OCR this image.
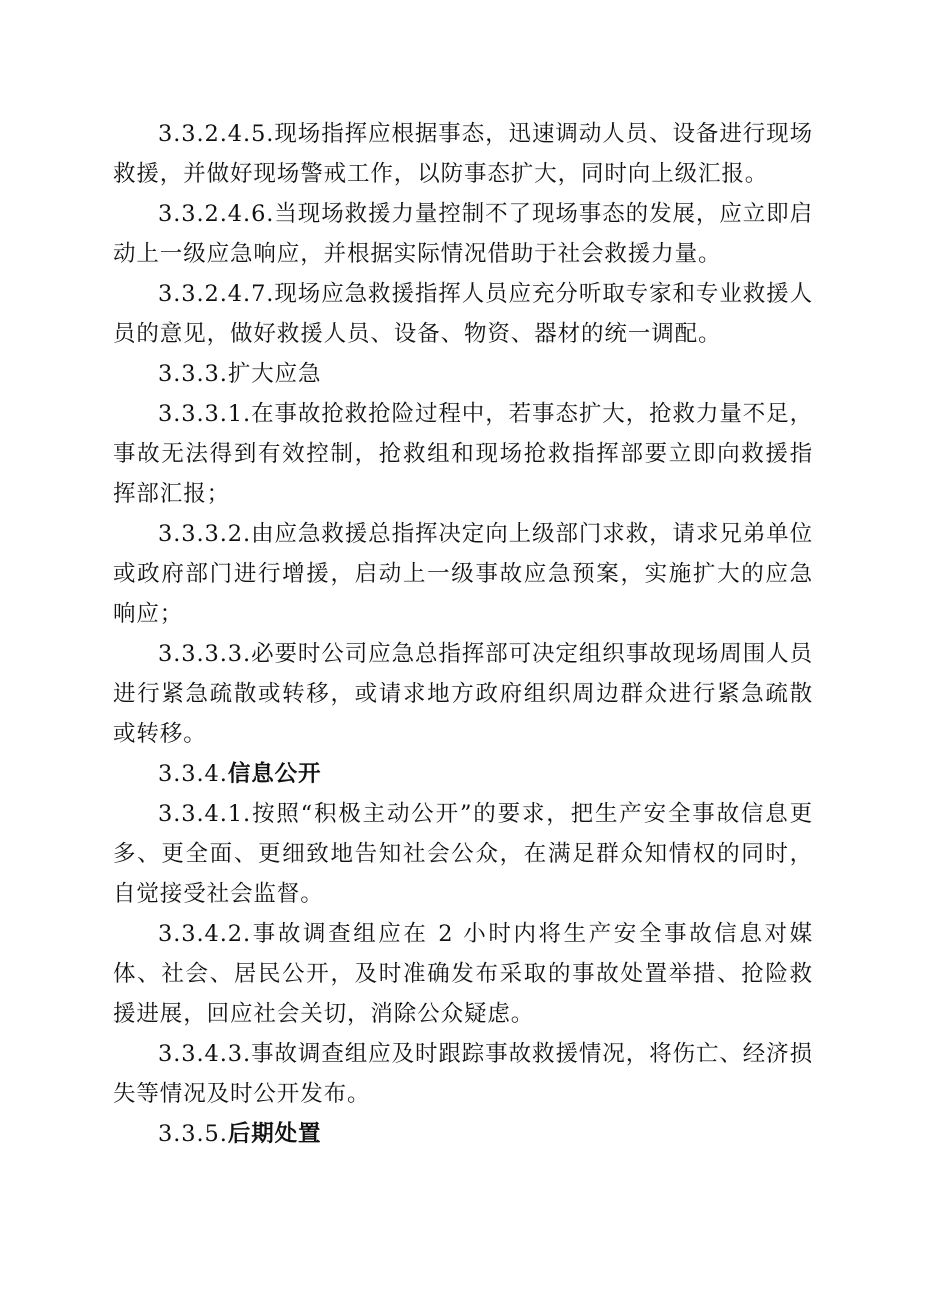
3.3.2.4.5.现场指挥应根据事态，迅速调动人员、设备进行现场救援，并做好现场警戒工作，以防事态扩大，同时向上级汇报。

3.3.2.4.6.当现场救援力量控制不了现场事态的发展，应立即启动上一级应急响应，并根据实际情况借助于社会救援力量。

3.3.2.4.7.现场应急救援指挥人员应充分听取专家和专业救援人员的意见，做好救援人员、设备、物资、器材的统一调配。

3.3.3.扩大应急

3.3.3.1.在事故抢救抢险过程中，若事态扩大，抢救力量不足，事故无法得到有效控制，抢救组和现场抢救指挥部要立即向救援指挥部汇报；

3.3.3.2.由应急救援总指挥决定向上级部门求救，请求兄弟单位或政府部门进行增援，启动上一级事故应急预案，实施扩大的应急响应；

3.3.3.3.必要时公司应急总指挥部可决定组织事故现场周围人员进行紧急疏散或转移，或请求地方政府组织周边群众进行紧急疏散或转移。

3.3.4.信息公开

3.3.4.1.按照“积极主动公开”的要求，把生产安全事故信息更多、更全面、更细致地告知社会公众，在满足群众知情权的同时，自觉接受社会监督。

3.3.4.2.事故调查组应在 2 小时内将生产安全事故信息对媒体、社会、居民公开，及时准确发布采取的事故处置举措、抢险救援进展，回应社会关切，消除公众疑虑。

3.3.4.3.事故调查组应及时跟踪事故救援情况，将伤亡、经济损失等情况及时公开发布。

3.3.5.后期处置
